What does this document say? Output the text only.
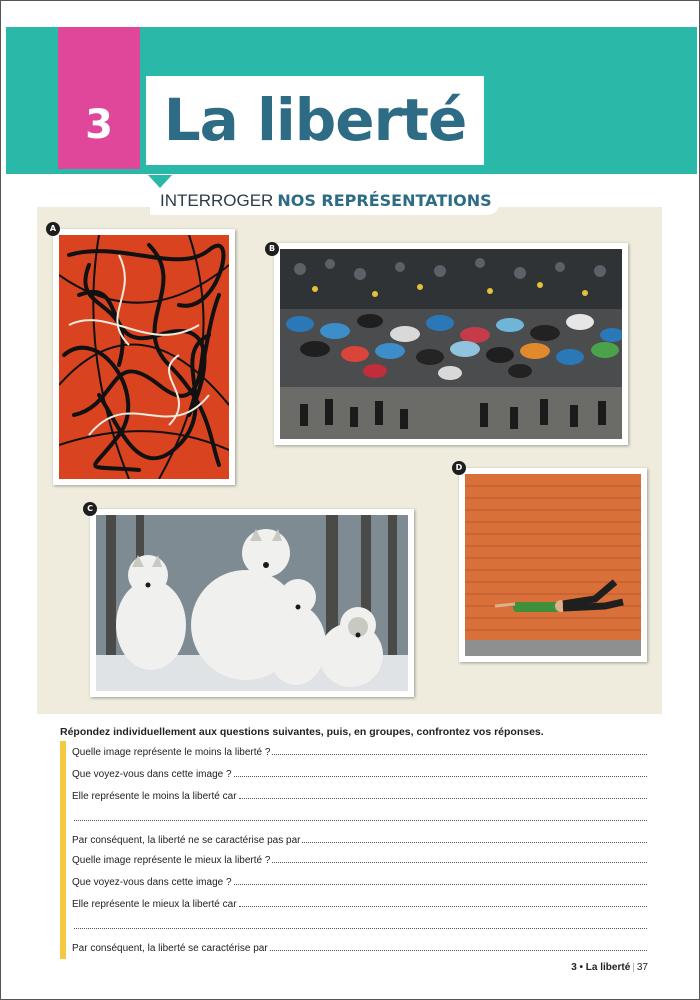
3 La liberté
INTERROGER NOS REPRÉSENTATIONS
A
B
C
D
Répondez individuellement aux questions suivantes, puis, en groupes, confrontez vos réponses.
Quelle image représente le moins la liberté ?
Que voyez-vous dans cette image ?
Elle représente le moins la liberté car
Par conséquent, la liberté ne se caractérise pas par
Quelle image représente le mieux la liberté ?
Que voyez-vous dans cette image ?
Elle représente le mieux la liberté car
Par conséquent, la liberté se caractérise par
3 • La liberté | 37
